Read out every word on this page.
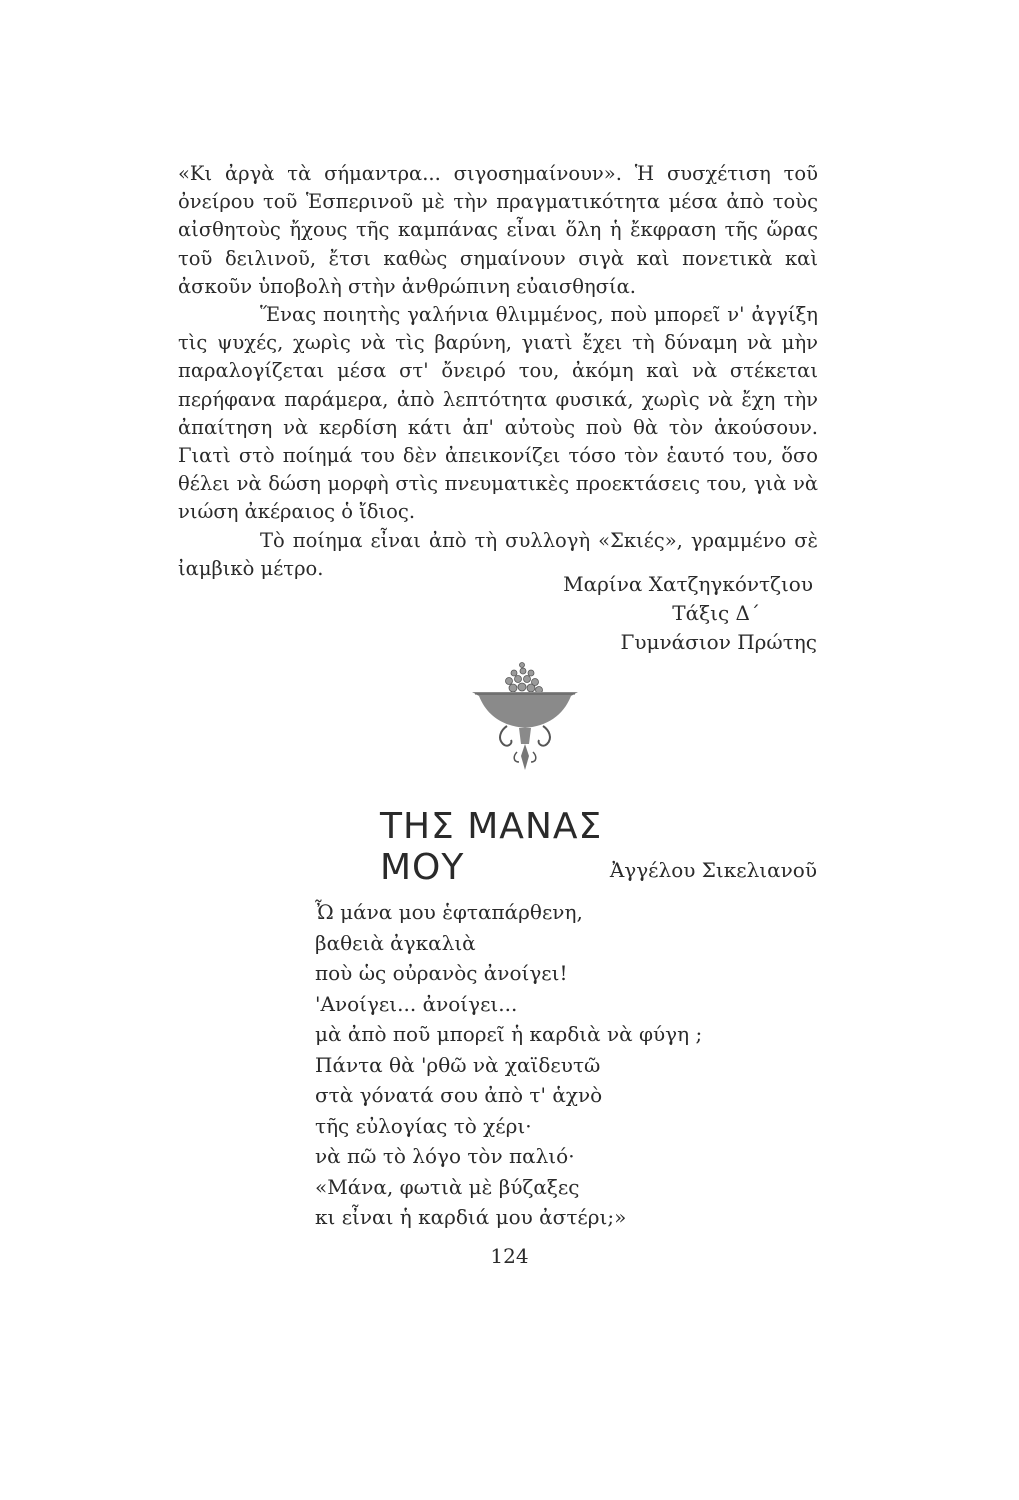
«Κι ἀργὰ τὰ σήμαντρα... σιγοσημαίνουν». Ἡ συσχέτιση τοῦ ὀνείρου τοῦ Ἑσπερινοῦ μὲ τὴν πραγματικότητα μέσα ἀπὸ τοὺς αἰσθητοὺς ἤχους τῆς καμπάνας εἶναι ὅλη ἡ ἔκφραση τῆς ὥρας τοῦ δειλινοῦ, ἔτσι καθὼς σημαίνουν σιγὰ καὶ πονετικὰ καὶ ἀσκοῦν ὑποβολὴ στὴν ἀνθρώπινη εὐαισθησία.

Ἕνας ποιητὴς γαλήνια θλιμμένος, ποὺ μπορεῖ ν' ἀγγίξη τὶς ψυχές, χωρὶς νὰ τὶς βαρύνη, γιατὶ ἔχει τὴ δύναμη νὰ μὴν παραλογίζεται μέσα στ' ὄνειρό του, ἀκόμη καὶ νὰ στέκεται περήφανα παράμερα, ἀπὸ λεπτότητα φυσικά, χωρὶς νὰ ἔχη τὴν ἀπαίτηση νὰ κερδίση κάτι ἀπ' αὐτοὺς ποὺ θὰ τὸν ἀκούσουν. Γιατὶ στὸ ποίημά του δὲν ἀπεικονίζει τόσο τὸν ἑαυτό του, ὅσο θέλει νὰ δώση μορφὴ στὶς πνευματικὲς προεκτάσεις του, γιὰ νὰ νιώση ἀκέραιος ὁ ἴδιος.

Τὸ ποίημα εἶναι ἀπὸ τὴ συλλογὴ «Σκιές», γραμμένο σὲ ἰαμβικὸ μέτρο.

Μαρίνα Χατζηγκόντζιου
Τάξις Δ΄
Γυμνάσιον Πρώτης
ΤΗΣ ΜΑΝΑΣ ΜΟΥ	Ἀγγέλου Σικελιανοῦ
Ὦ μάνα μου ἑφταπάρθενη,
βαθειὰ ἀγκαλιὰ
ποὺ ὡς οὐρανὸς ἀνοίγει!
'Ανοίγει... ἀνοίγει...
μὰ ἀπὸ ποῦ μπορεῖ ἡ καρδιὰ νὰ φύγη ;
Πάντα θὰ 'ρθῶ νὰ χαϊδευτῶ
στὰ γόνατά σου ἀπὸ τ' ἁχνὸ
τῆς εὐλογίας τὸ χέρι·
νὰ πῶ τὸ λόγο τὸν παλιό·
«Μάνα, φωτιὰ μὲ βύζαξες
κι εἶναι ἡ καρδιά μου ἀστέρι;»
124
